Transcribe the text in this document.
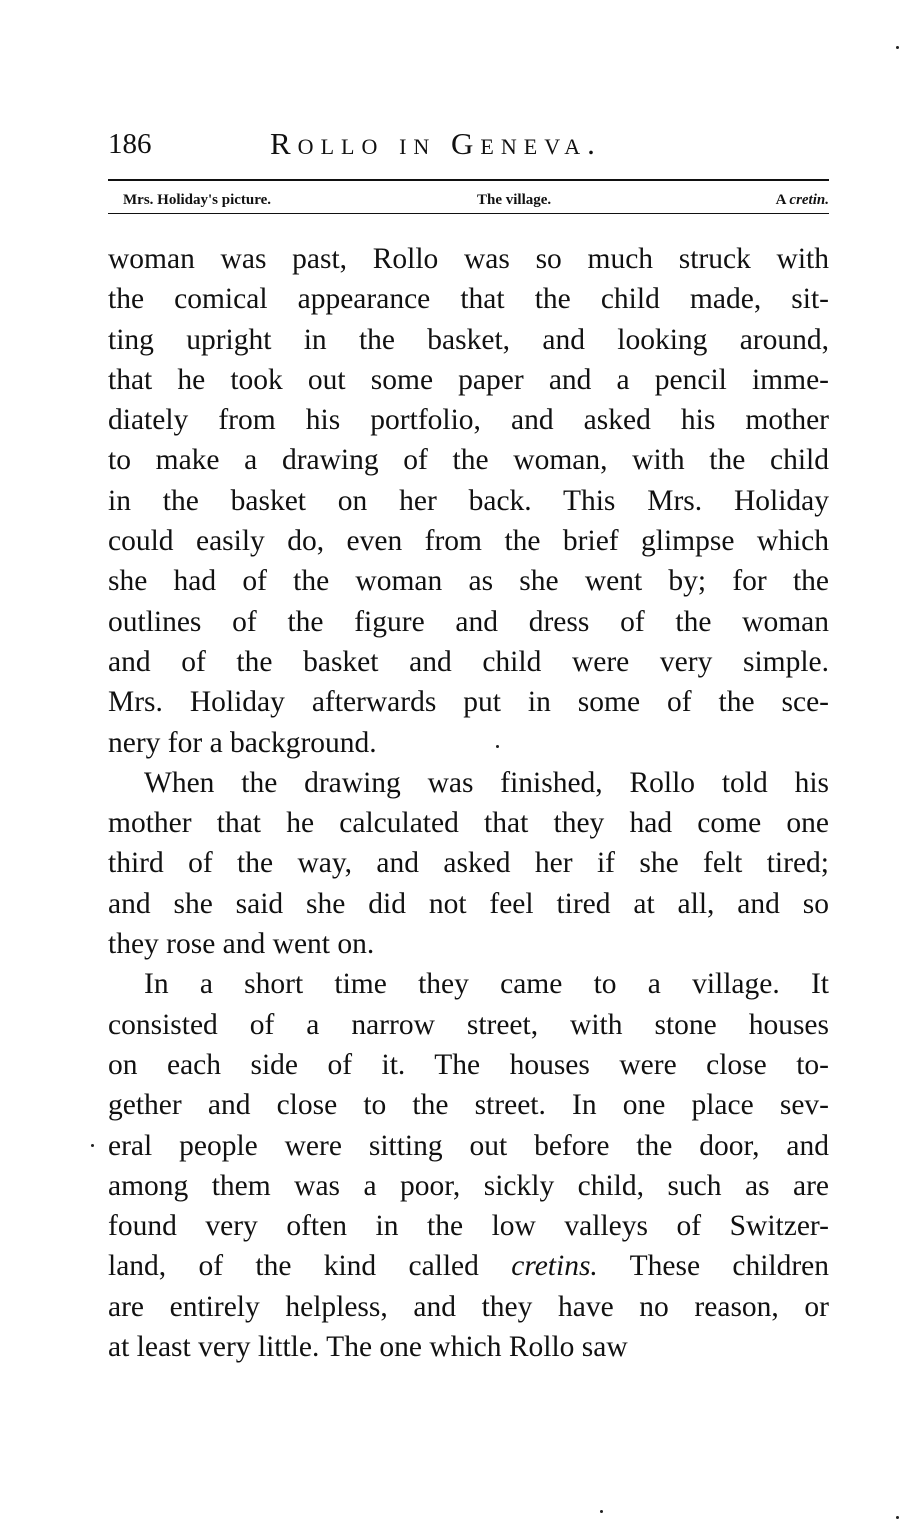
186	Rollo in Geneva.
Mrs. Holiday's picture.	The village.	A cretin.
woman was past, Rollo was so much struck with
the comical appearance that the child made, sit-
ting upright in the basket, and looking around,
that he took out some paper and a pencil imme-
diately from his portfolio, and asked his mother
to make a drawing of the woman, with the child
in the basket on her back. This Mrs. Holiday
could easily do, even from the brief glimpse which
she had of the woman as she went by; for the
outlines of the figure and dress of the woman
and of the basket and child were very simple.
Mrs. Holiday afterwards put in some of the sce-
nery for a background.
When the drawing was finished, Rollo told his
mother that he calculated that they had come one
third of the way, and asked her if she felt tired;
and she said she did not feel tired at all, and so
they rose and went on.
In a short time they came to a village. It
consisted of a narrow street, with stone houses
on each side of it. The houses were close to-
gether and close to the street. In one place sev-
eral people were sitting out before the door, and
among them was a poor, sickly child, such as are
found very often in the low valleys of Switzer-
land, of the kind called cretins. These children
are entirely helpless, and they have no reason, or
at least very little. The one which Rollo saw
